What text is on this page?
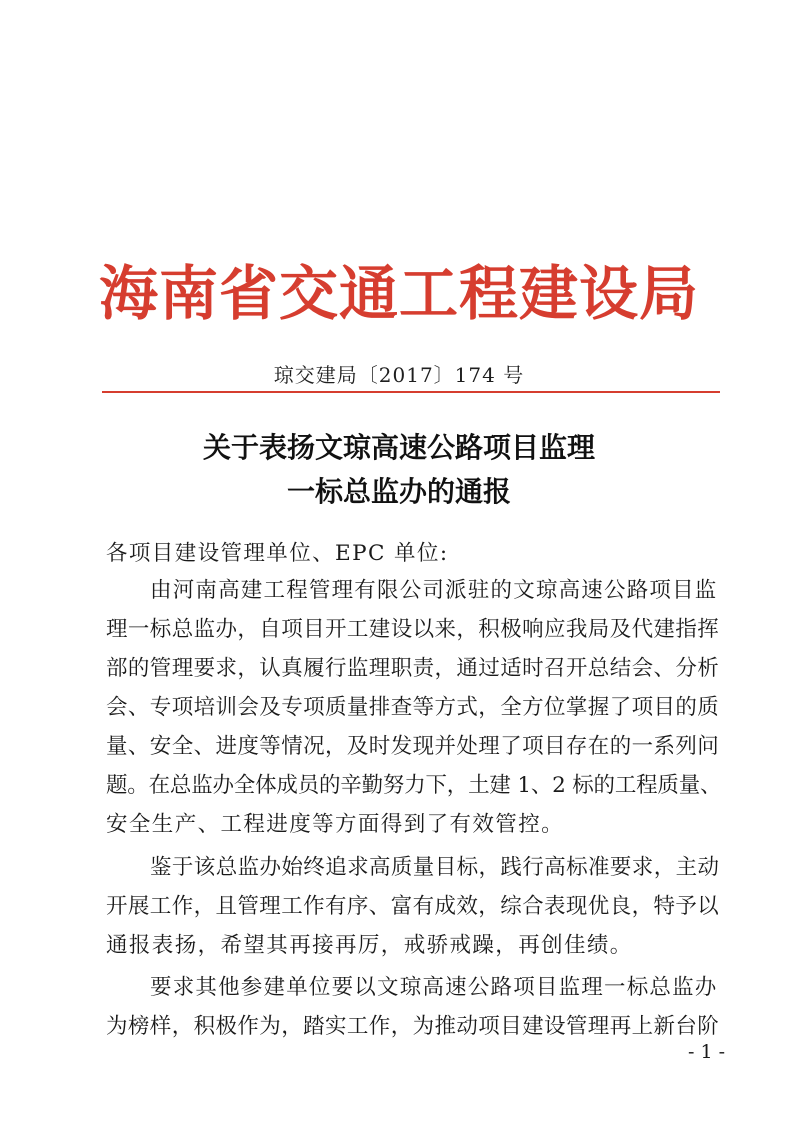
海南省交通工程建设局
琼交建局〔2017〕174 号
关于表扬文琼高速公路项目监理
一标总监办的通报
各项目建设管理单位、EPC 单位:
由河南高建工程管理有限公司派驻的文琼高速公路项目监
理一标总监办，自项目开工建设以来，积极响应我局及代建指挥
部的管理要求，认真履行监理职责，通过适时召开总结会、分析
会、专项培训会及专项质量排查等方式，全方位掌握了项目的质
量、安全、进度等情况，及时发现并处理了项目存在的一系列问
题。在总监办全体成员的辛勤努力下，土建 1、2 标的工程质量、
安全生产、工程进度等方面得到了有效管控。
鉴于该总监办始终追求高质量目标，践行高标准要求，主动
开展工作，且管理工作有序、富有成效，综合表现优良，特予以
通报表扬，希望其再接再厉，戒骄戒躁，再创佳绩。
要求其他参建单位要以文琼高速公路项目监理一标总监办
为榜样，积极作为，踏实工作，为推动项目建设管理再上新台阶
- 1 -
